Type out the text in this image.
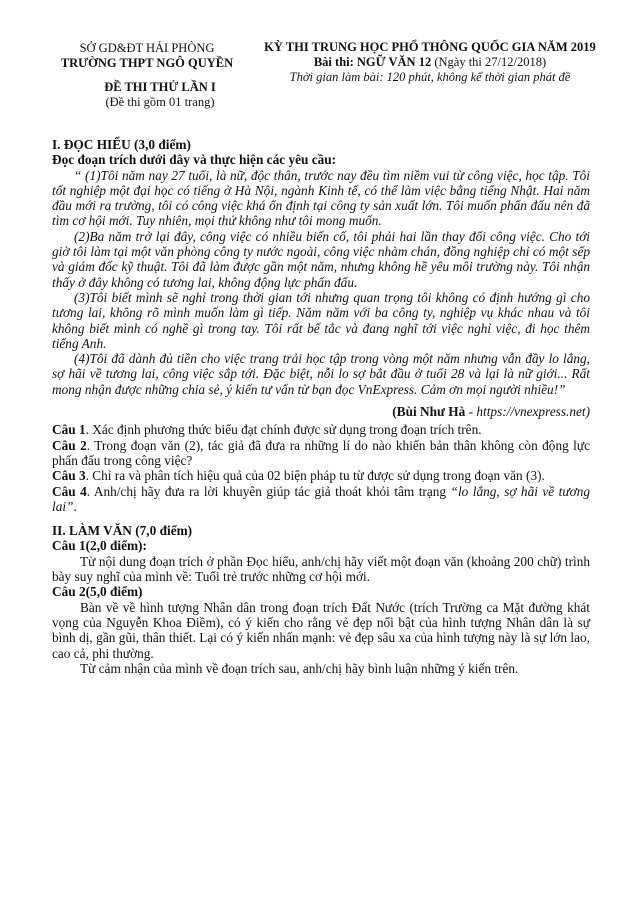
SỞ GD&ĐT HẢI PHÒNG
TRƯỜNG THPT NGÔ QUYỀN
KỲ THI TRUNG HỌC PHỔ THÔNG QUỐC GIA NĂM 2019
Bài thi: NGỮ VĂN 12 (Ngày thi 27/12/2018)
Thời gian làm bài: 120 phút, không kể thời gian phát đề
ĐỀ THI THỬ LẦN I
(Đề thi gồm 01 trang)

I. ĐỌC HIỂU (3,0 điểm)

Đọc đoạn trích dưới đây và thực hiện các yêu cầu:

“ (1)Tôi năm nay 27 tuổi, là nữ, độc thân, trước nay đều tìm niềm vui từ công việc, học tập. Tôi tốt nghiệp một đại học có tiếng ở Hà Nội, ngành Kinh tế, có thể làm việc bằng tiếng Nhật. Hai năm đầu mới ra trường, tôi có công việc khá ổn định tại công ty sản xuất lớn. Tôi muốn phấn đấu nên đã tìm cơ hội mới. Tuy nhiên, mọi thứ không như tôi mong muốn.

(2)Ba năm trở lại đây, công việc có nhiều biến cố, tôi phải hai lần thay đổi công việc. Cho tới giờ tôi làm tại một văn phòng công ty nước ngoài, công việc nhàm chán, đồng nghiệp chỉ có một sếp và giám đốc kỹ thuật. Tôi đã làm được gần một năm, nhưng không hề yêu môi trường này. Tôi nhận thấy ở đây không có tương lai, không động lực phấn đấu.

(3)Tôi biết mình sẽ nghỉ trong thời gian tới nhưng quan trọng tôi không có định hướng gì cho tương lai, không rõ mình muốn làm gì tiếp. Năm năm với ba công ty, nghiệp vụ khác nhau và tôi không biết mình có nghề gì trong tay. Tôi rất bế tắc và đang nghĩ tới việc nghỉ việc, đi học thêm tiếng Anh.

(4)Tôi đã dành đủ tiền cho việc trang trải học tập trong vòng một năm nhưng vẫn đầy lo lắng, sợ hãi về tương lai, công việc sắp tới. Đặc biệt, nỗi lo sợ bắt đầu ở tuổi 28 và lại là nữ giới... Rất mong nhận được những chia sẻ, ý kiến tư vấn từ bạn đọc VnExpress. Cảm ơn mọi người nhiều!”

(Bùi Như Hà - https://vnexpress.net)

Câu 1. Xác định phương thức biểu đạt chính được sử dụng trong đoạn trích trên.

Câu 2. Trong đoạn văn (2), tác giả đã đưa ra những lí do nào khiến bản thân không còn động lực phấn đấu trong công việc?

Câu 3. Chỉ ra và phân tích hiệu quả của 02 biện pháp tu từ được sử dụng trong đoạn văn (3).

Câu 4. Anh/chị hãy đưa ra lời khuyên giúp tác giả thoát khỏi tâm trạng “lo lắng, sợ hãi về tương lai”.

II. LÀM VĂN (7,0 điểm)

Câu 1(2,0 điểm):

Từ nội dung đoạn trích ở phần Đọc hiểu, anh/chị hãy viết một đoạn văn (khoảng 200 chữ) trình bày suy nghĩ của mình về: Tuổi trẻ trước những cơ hội mới.

Câu 2(5,0 điểm)

Bàn về về hình tượng Nhân dân trong đoạn trích Đất Nước (trích Trường ca Mặt đường khát vọng của Nguyễn Khoa Điềm), có ý kiến cho rằng vẻ đẹp nổi bật của hình tượng Nhân dân là sự bình dị, gần gũi, thân thiết. Lại có ý kiến nhấn mạnh: vẻ đẹp sâu xa của hình tượng này là sự lớn lao, cao cả, phi thường.

Từ cảm nhận của mình về đoạn trích sau, anh/chị hãy bình luận những ý kiến trên.
